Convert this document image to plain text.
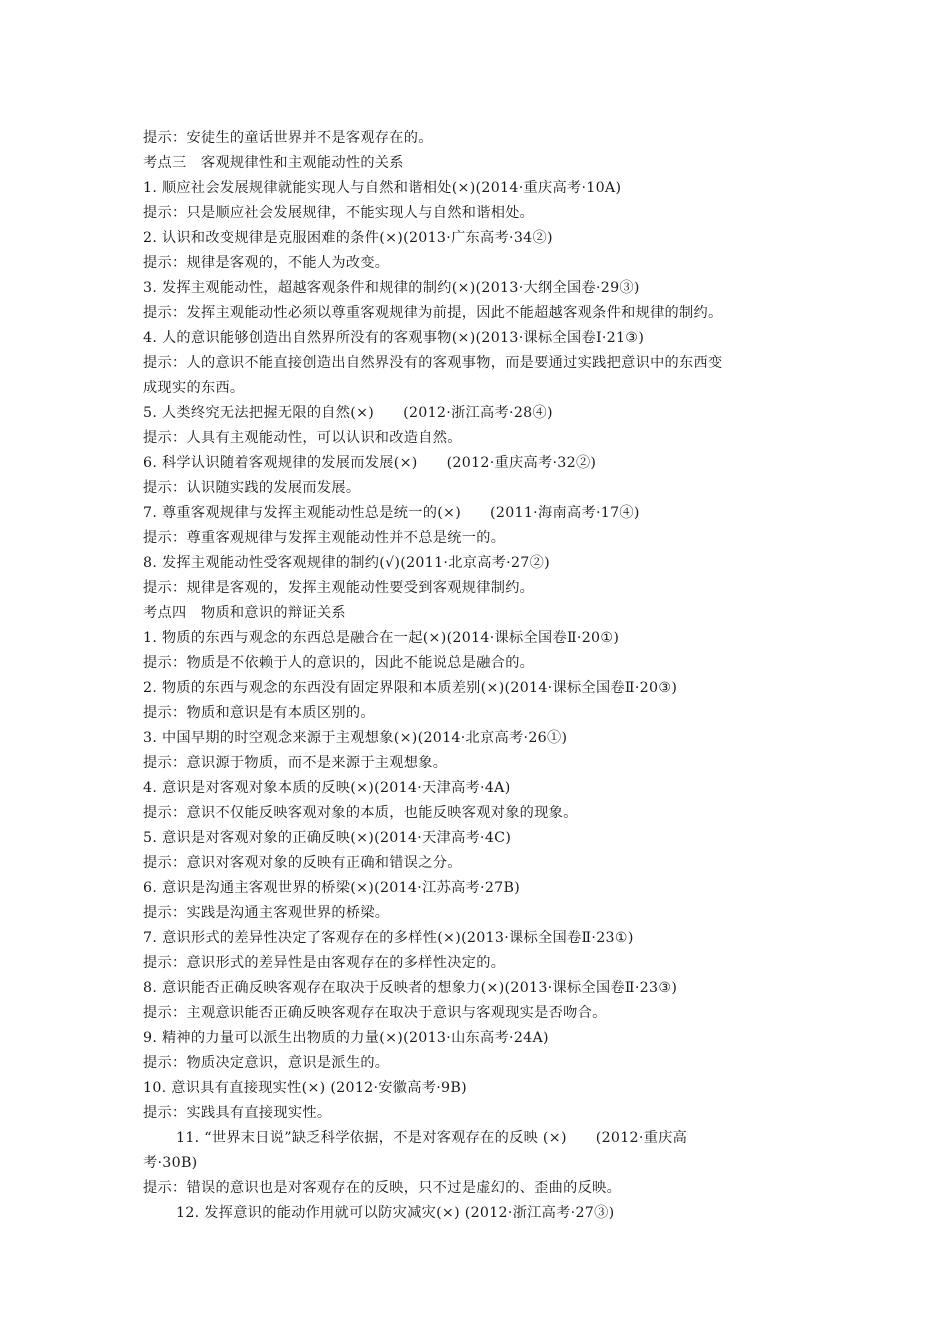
提示：安徒生的童话世界并不是客观存在的。
考点三　客观规律性和主观能动性的关系
1. 顺应社会发展规律就能实现人与自然和谐相处(×)(2014·重庆高考·10A)
提示：只是顺应社会发展规律，不能实现人与自然和谐相处。
2. 认识和改变规律是克服困难的条件(×)(2013·广东高考·34②)
提示：规律是客观的，不能人为改变。
3. 发挥主观能动性，超越客观条件和规律的制约(×)(2013·大纲全国卷·29③)
提示：发挥主观能动性必须以尊重客观规律为前提，因此不能超越客观条件和规律的制约。
4. 人的意识能够创造出自然界所没有的客观事物(×)(2013·课标全国卷Ⅰ·21③)
提示：人的意识不能直接创造出自然界没有的客观事物，而是要通过实践把意识中的东西变
成现实的东西。
5. 人类终究无法把握无限的自然(×)　　(2012·浙江高考·28④)
提示：人具有主观能动性，可以认识和改造自然。
6. 科学认识随着客观规律的发展而发展(×)　　(2012·重庆高考·32②)
提示：认识随实践的发展而发展。
7. 尊重客观规律与发挥主观能动性总是统一的(×)　　(2011·海南高考·17④)
提示：尊重客观规律与发挥主观能动性并不总是统一的。
8. 发挥主观能动性受客观规律的制约(√)(2011·北京高考·27②)
提示：规律是客观的，发挥主观能动性要受到客观规律制约。
考点四　物质和意识的辩证关系
1. 物质的东西与观念的东西总是融合在一起(×)(2014·课标全国卷Ⅱ·20①)
提示：物质是不依赖于人的意识的，因此不能说总是融合的。
2. 物质的东西与观念的东西没有固定界限和本质差别(×)(2014·课标全国卷Ⅱ·20③)
提示：物质和意识是有本质区别的。
3. 中国早期的时空观念来源于主观想象(×)(2014·北京高考·26①)
提示：意识源于物质，而不是来源于主观想象。
4. 意识是对客观对象本质的反映(×)(2014·天津高考·4A)
提示：意识不仅能反映客观对象的本质，也能反映客观对象的现象。
5. 意识是对客观对象的正确反映(×)(2014·天津高考·4C)
提示：意识对客观对象的反映有正确和错误之分。
6. 意识是沟通主客观世界的桥梁(×)(2014·江苏高考·27B)
提示：实践是沟通主客观世界的桥梁。
7. 意识形式的差异性决定了客观存在的多样性(×)(2013·课标全国卷Ⅱ·23①)
提示：意识形式的差异性是由客观存在的多样性决定的。
8. 意识能否正确反映客观存在取决于反映者的想象力(×)(2013·课标全国卷Ⅱ·23③)
提示：主观意识能否正确反映客观存在取决于意识与客观现实是否吻合。
9. 精神的力量可以派生出物质的力量(×)(2013·山东高考·24A)
提示：物质决定意识，意识是派生的。
10. 意识具有直接现实性(×) (2012·安徽高考·9B)
提示：实践具有直接现实性。
11. “世界末日说”缺乏科学依据，不是对客观存在的反映 (×)　　(2012·重庆高
考·30B)
提示：错误的意识也是对客观存在的反映，只不过是虚幻的、歪曲的反映。
12. 发挥意识的能动作用就可以防灾减灾(×) (2012·浙江高考·27③)
